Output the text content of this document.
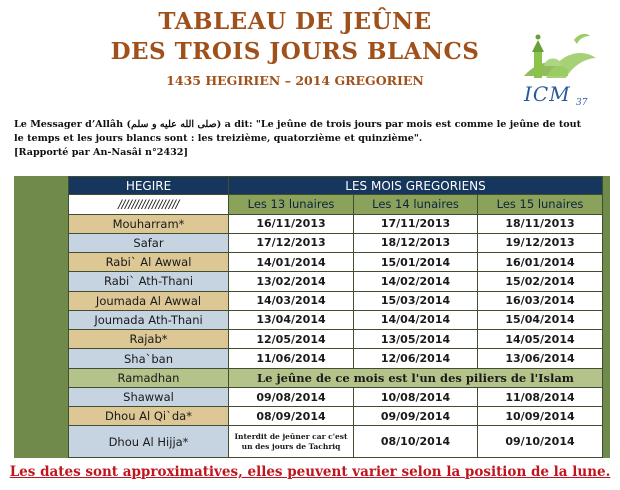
TABLEAU DE JEÛNE
DES TROIS JOURS BLANCS
1435 HEGIRIEN – 2014 GREGORIEN
ICM 37
Le Messager d’Allâh (صلى الله عليه و سلم) a dit: "Le jeûne de trois jours par mois est comme le jeûne de tout
le temps et les jours blancs sont : les treizième, quatorzième et quinzième".
[Rapporté par An-Nasâi n°2432]
HEGIRE	LES MOIS GREGORIENS		
//////////////////	Les 13 lunaires	Les 14 lunaires	Les 15 lunaires
Mouharram*	16/11/2013	17/11/2013	18/11/2013
Safar	17/12/2013	18/12/2013	19/12/2013
Rabi` Al Awwal	14/01/2014	15/01/2014	16/01/2014
Rabi` Ath-Thani	13/02/2014	14/02/2014	15/02/2014
Joumada Al Awwal	14/03/2014	15/03/2014	16/03/2014
Joumada Ath-Thani	13/04/2014	14/04/2014	15/04/2014
Rajab*	12/05/2014	13/05/2014	14/05/2014
Sha`ban	11/06/2014	12/06/2014	13/06/2014
Ramadhan	Le jeûne de ce mois est l'un des piliers de l'Islam		
Shawwal	09/08/2014	10/08/2014	11/08/2014
Dhou Al Qi`da*	08/09/2014	09/09/2014	10/09/2014
Dhou Al Hijja*	Interdit de jeûner car c'est un des jours de Tachriq	08/10/2014	09/10/2014
Les dates sont approximatives, elles peuvent varier selon la position de la lune.
